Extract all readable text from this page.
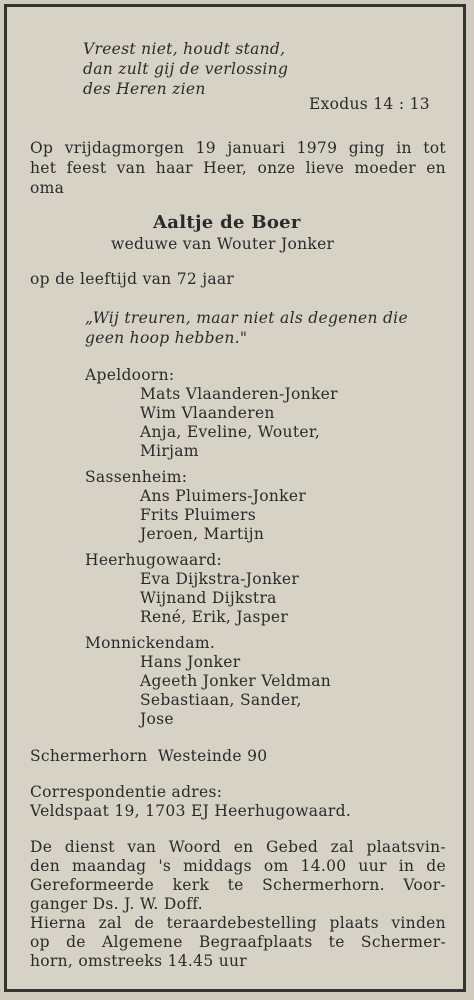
Vreest niet, houdt stand,
dan zult gij de verlossing
des Heren zien
Exodus 14 : 13
Op vrijdagmorgen 19 januari 1979 ging in tot
het feest van haar Heer, onze lieve moeder en
oma
Aaltje de Boer
weduwe van Wouter Jonker
op de leeftijd van 72 jaar
„Wij treuren, maar niet als degenen die
geen hoop hebben."
Apeldoorn:
Mats Vlaanderen-Jonker
Wim Vlaanderen
Anja, Eveline, Wouter,
Mirjam
Sassenheim:
Ans Pluimers-Jonker
Frits Pluimers
Jeroen, Martijn
Heerhugowaard:
Eva Dijkstra-Jonker
Wijnand Dijkstra
René, Erik, Jasper
Monnickendam.
Hans Jonker
Ageeth Jonker Veldman
Sebastiaan, Sander,
Jose
Schermerhorn  Westeinde 90
Correspondentie adres:
Veldspaat 19, 1703 EJ Heerhugowaard.
De dienst van Woord en Gebed zal plaatsvin-
den maandag 's middags om 14.00 uur in de
Gereformeerde kerk te Schermerhorn. Voor-
ganger Ds. J. W. Doff.
Hierna zal de teraardebestelling plaats vinden
op de Algemene Begraafplaats te Schermer-
horn, omstreeks 14.45 uur
